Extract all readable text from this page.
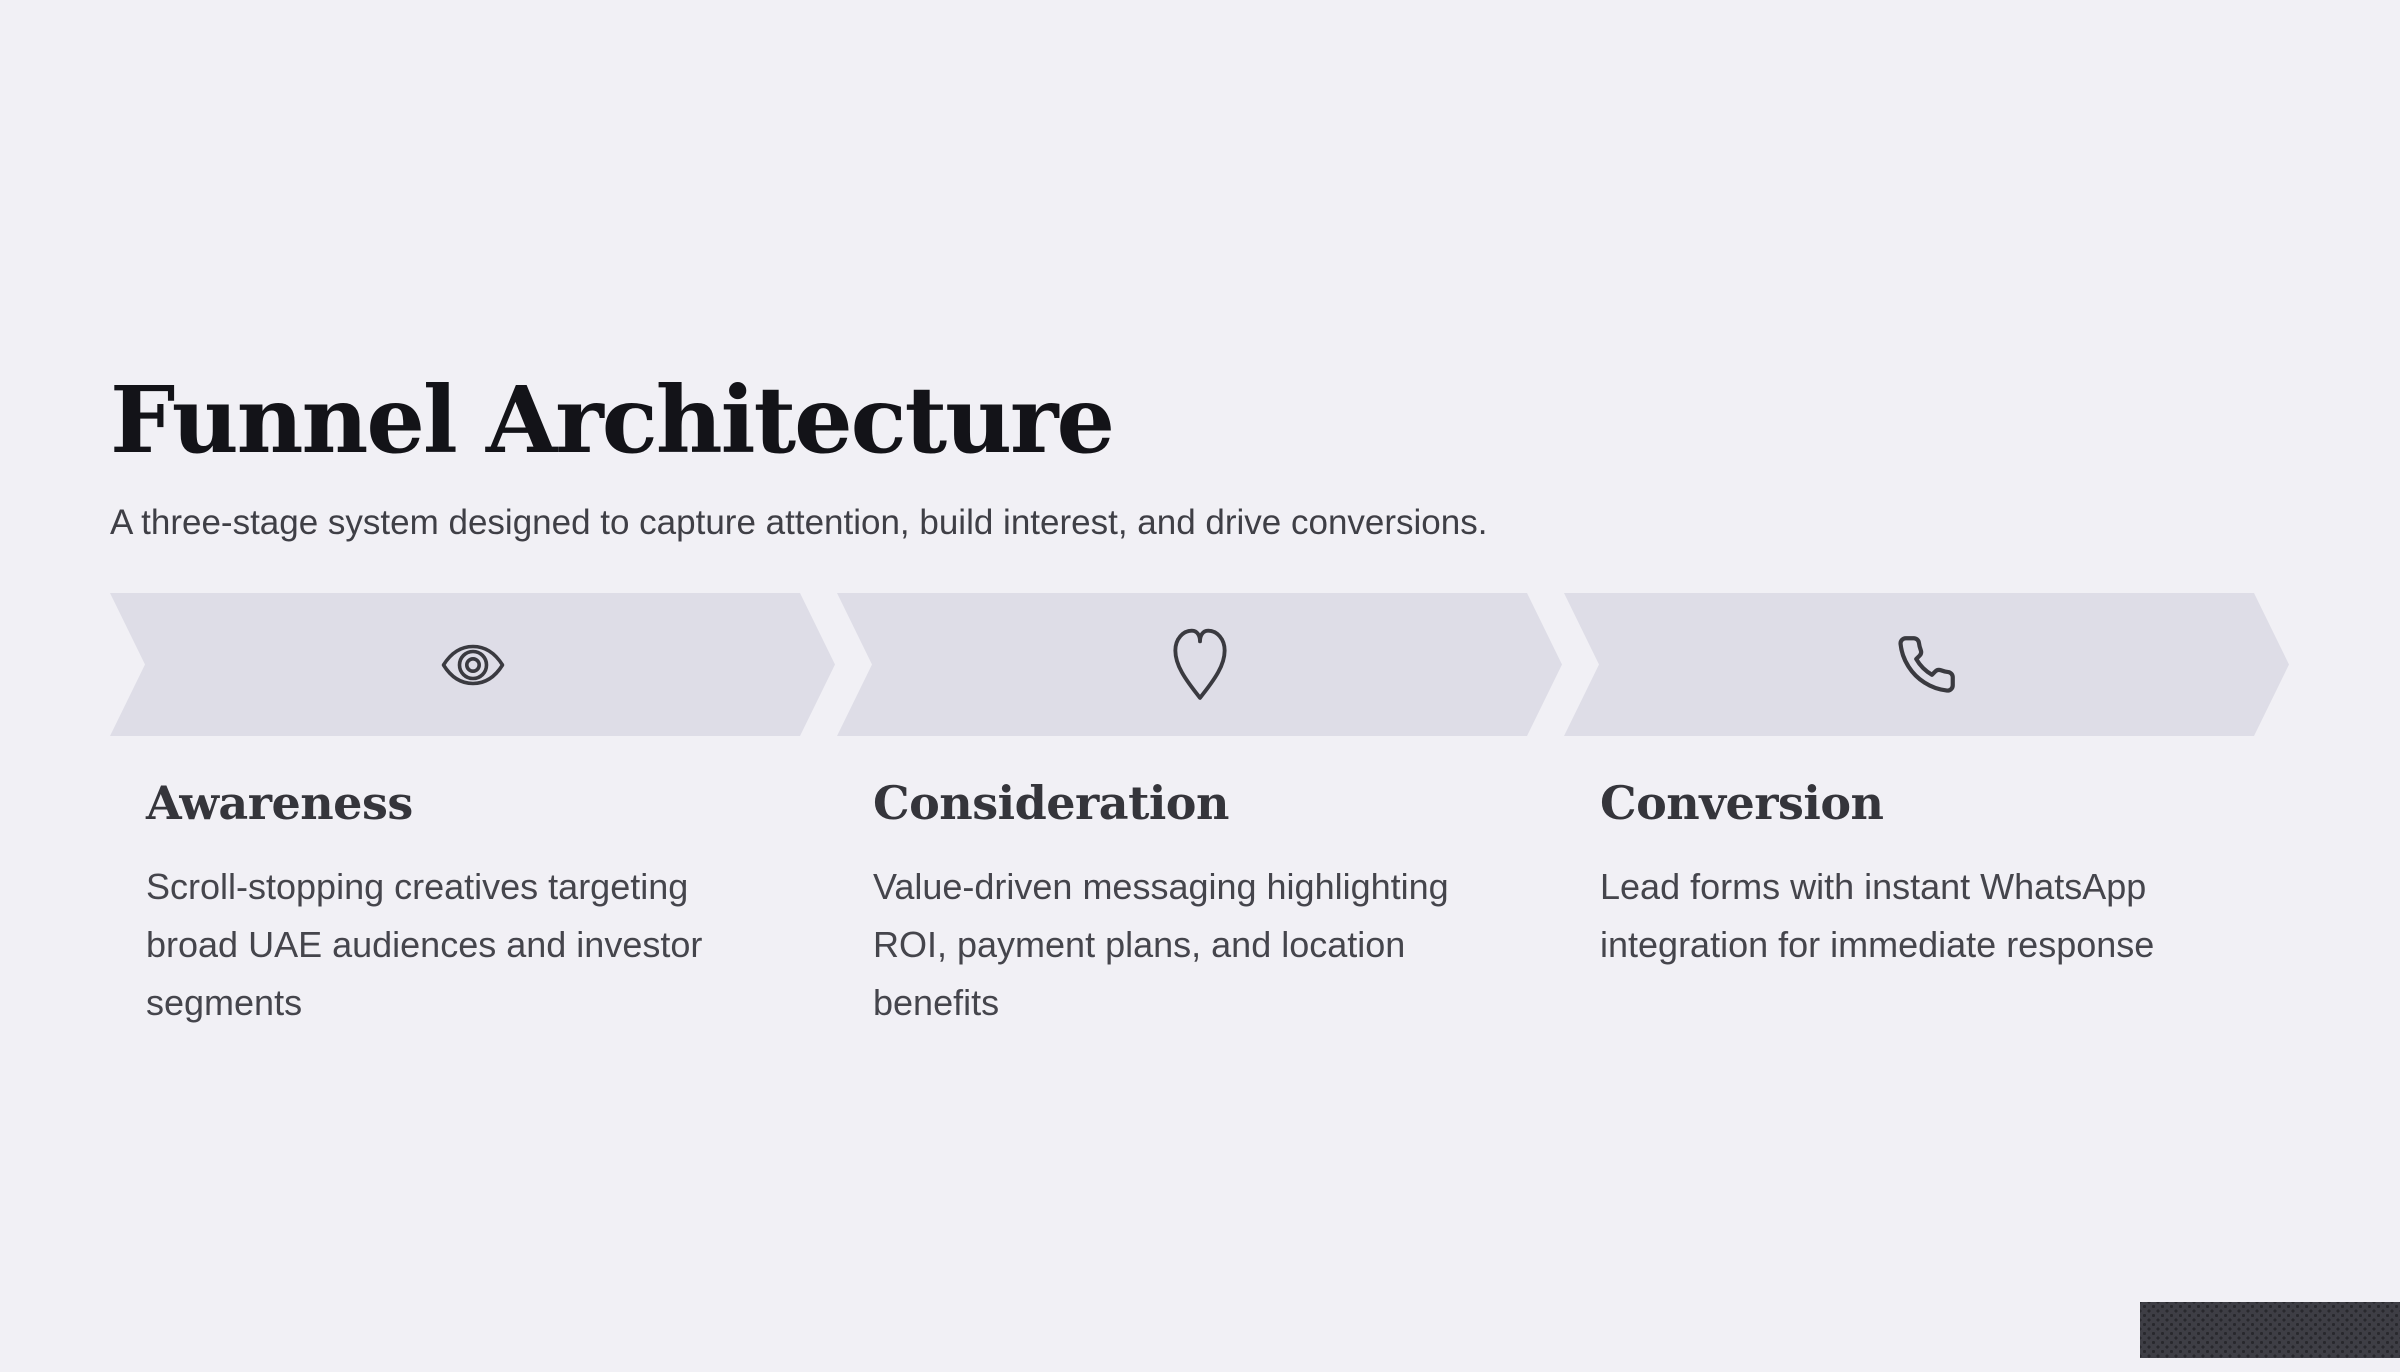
Funnel Architecture
A three-stage system designed to capture attention, build interest, and drive conversions.
Awareness

Scroll-stopping creatives targeting broad UAE audiences and investor segments

Consideration

Value-driven messaging highlighting ROI, payment plans, and location benefits

Conversion

Lead forms with instant WhatsApp integration for immediate response
